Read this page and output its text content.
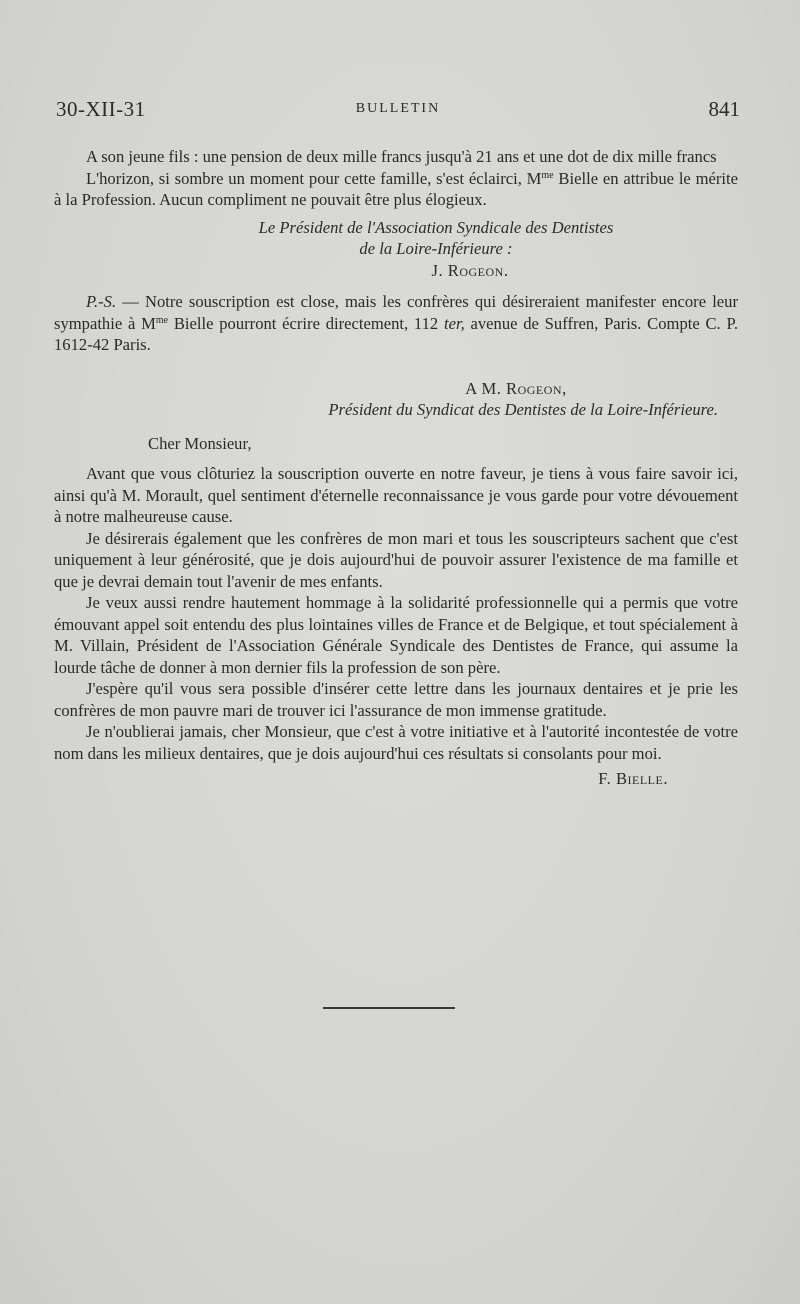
30-XII-31	BULLETIN	841

A son jeune fils : une pension de deux mille francs jusqu'à 21 ans et une dot de dix mille francs

L'horizon, si sombre un moment pour cette famille, s'est éclairci, $M^{me}$ Bielle en attribue le mérite à la Profession. Aucun compliment ne pouvait être plus élogieux.

Le Président de l'Association Syndicale des Dentistes

de la Loire-Inférieure :

J. Rogeon.

P.-S. — Notre souscription est close, mais les confrères qui désireraient manifester encore leur sympathie à $M^{me}$ Bielle pourront écrire directement, 112 ter, avenue de Suffren, Paris. Compte C. P. 1612-42 Paris.

A M. Rogeon,

Président du Syndicat des Dentistes de la Loire-Inférieure.

Cher Monsieur,

Avant que vous clôturiez la souscription ouverte en notre faveur, je tiens à vous faire savoir ici, ainsi qu'à M. Morault, quel sentiment d'éternelle reconnaissance je vous garde pour votre dévouement à notre malheureuse cause.

Je désirerais également que les confrères de mon mari et tous les souscripteurs sachent que c'est uniquement à leur générosité, que je dois aujourd'hui de pouvoir assurer l'existence de ma famille et que je devrai demain tout l'avenir de mes enfants.

Je veux aussi rendre hautement hommage à la solidarité professionnelle qui a permis que votre émouvant appel soit entendu des plus lointaines villes de France et de Belgique, et tout spécialement à M. Villain, Président de l'Association Générale Syndicale des Dentistes de France, qui assume la lourde tâche de donner à mon dernier fils la profession de son père.

J'espère qu'il vous sera possible d'insérer cette lettre dans les journaux dentaires et je prie les confrères de mon pauvre mari de trouver ici l'assurance de mon immense gratitude.

Je n'oublierai jamais, cher Monsieur, que c'est à votre initiative et à l'autorité incontestée de votre nom dans les milieux dentaires, que je dois aujourd'hui ces résultats si consolants pour moi.

F. Bielle.
